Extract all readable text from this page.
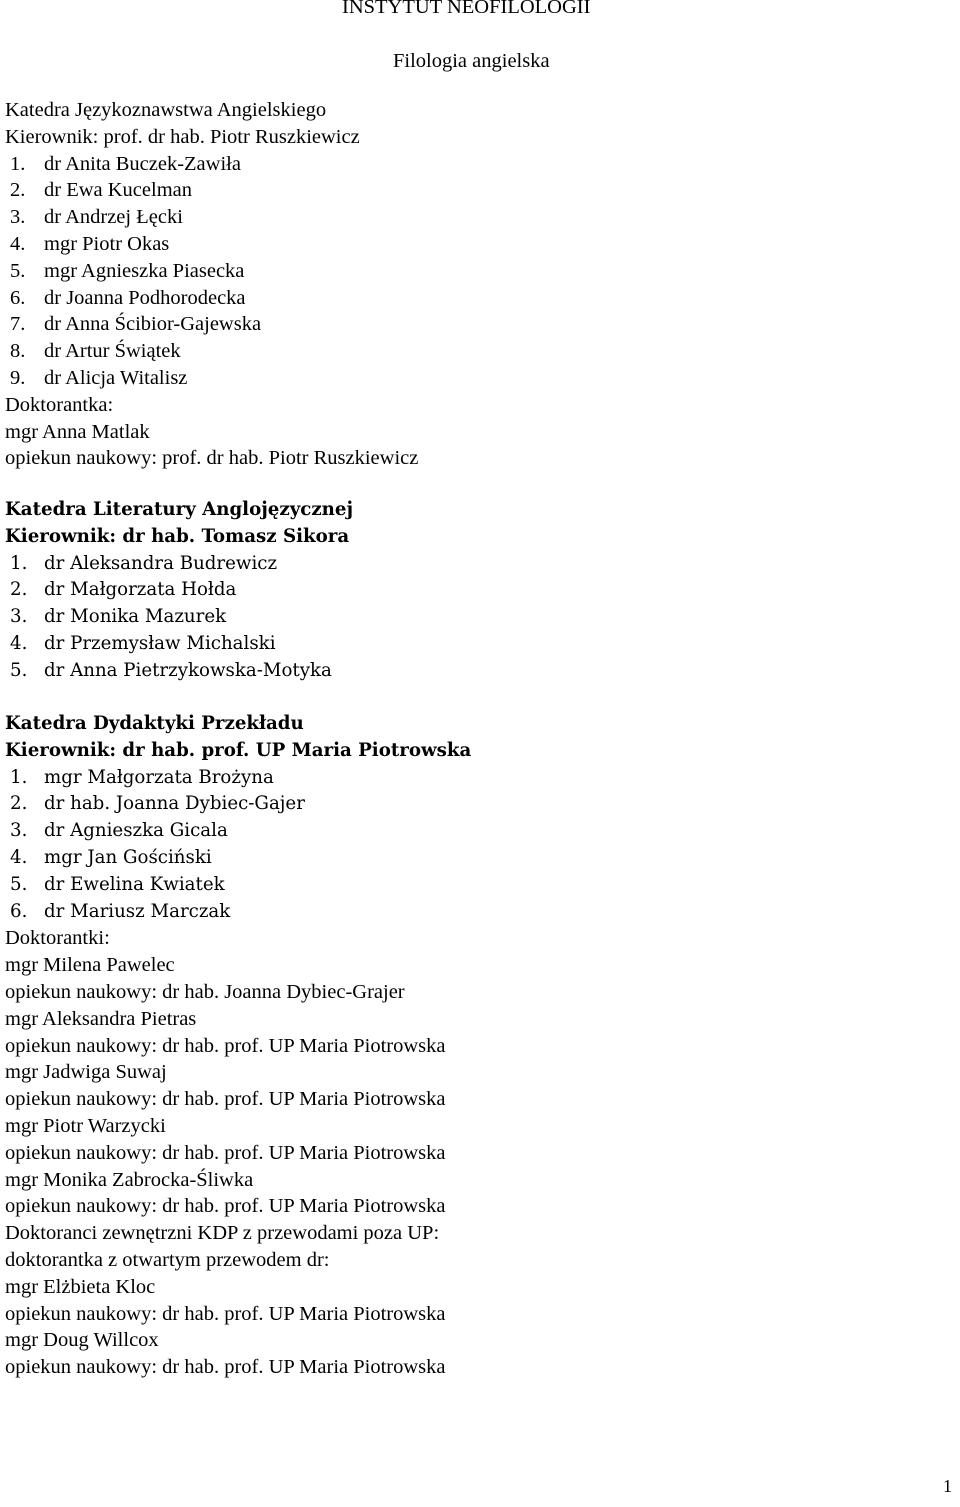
INSTYTUT NEOFILOLOGII
Filologia angielska
Katedra Językoznawstwa Angielskiego
Kierownik: prof. dr hab. Piotr Ruszkiewicz
1. dr Anita Buczek-Zawiła
2. dr Ewa Kucelman
3. dr Andrzej Łęcki
4. mgr Piotr Okas
5. mgr Agnieszka Piasecka
6. dr Joanna Podhorodecka
7. dr Anna Ścibior-Gajewska
8. dr Artur Świątek
9. dr Alicja Witalisz
Doktorantka:
mgr Anna Matlak
opiekun naukowy: prof. dr hab. Piotr Ruszkiewicz
Katedra Literatury Anglojęzycznej
Kierownik: dr hab. Tomasz Sikora
1. dr Aleksandra Budrewicz
2. dr Małgorzata Hołda
3. dr Monika Mazurek
4. dr Przemysław Michalski
5. dr Anna Pietrzykowska-Motyka
Katedra Dydaktyki Przekładu
Kierownik: dr hab. prof. UP Maria Piotrowska
1. mgr Małgorzata Brożyna
2. dr hab. Joanna Dybiec-Gajer
3. dr Agnieszka Gicala
4. mgr Jan Gościński
5. dr Ewelina Kwiatek
6. dr Mariusz Marczak
Doktorantki:
mgr Milena Pawelec
opiekun naukowy: dr hab. Joanna Dybiec-Grajer
mgr Aleksandra Pietras
opiekun naukowy: dr hab. prof. UP Maria Piotrowska
mgr Jadwiga Suwaj
opiekun naukowy: dr hab. prof. UP Maria Piotrowska
mgr Piotr Warzycki
opiekun naukowy: dr hab. prof. UP Maria Piotrowska
mgr Monika Zabrocka-Śliwka
opiekun naukowy: dr hab. prof. UP Maria Piotrowska
Doktoranci zewnętrzni KDP z przewodami poza UP:
doktorantka z otwartym przewodem dr:
mgr Elżbieta Kloc
opiekun naukowy: dr hab. prof. UP Maria Piotrowska
mgr Doug Willcox
opiekun naukowy: dr hab. prof. UP Maria Piotrowska
1
